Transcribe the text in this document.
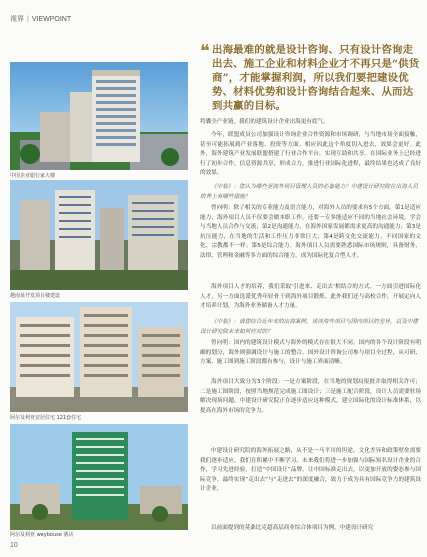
视界 | VIEWPOINT
中国企业银行家大楼
越南某开发项目楼建设
阿尔及利亚安居住宅 121套住宅
阿尔及利亚 weybouse 酒店
❝ 出海最难的就是设计咨询、只有设计咨询走出去、施工企业和材料企业才不再只是“供货商”，才能掌握利润，所以我们要把建设优势、材料优势和设计咨询结合起来、从而达到共赢的目标。
将囊全产业链。我们的建筑设计企业出海更有底气。
今年，联盟成员公司加强设计咨询企业合作资源和市场调研，与当地市场全面接触，甚至可能拓展到产业落地、投资等方面。相应因此这个角度切入进去，效果会更好。此外，海外建筑产业发展联盟搭建了行业合作平台，实现互助和共享。在国际业务上已经进行了初步合作，信息资源共享，形成合力，推进行业国际化进程，最终结果也达成了良好的效果。
《中装》：您认为哪些是海外项目管理人员的必备能力？中建设计研究院在出海人员培养上有哪些措施？
曾向明：除了相关的专业能力及语言能力，对海外人员的要求有5个方面。第1是适应能力，海外项目人员不仅要会做本职工作，还要一专多能适应不同的当地社会环境，学会与当地人员合作与交流；第2是沟通能力，在海外国家发展都需求更高的沟通能力；第3是抗压能力，在当地的生活和工作压力非常巨大；第4是跨文化交流能力，不同国家的文化、宗教都不一样；第5是综合能力。海外项目人员需要熟悉国际市场规则，具备财务、法律、管理和金融等多方面的综合能力，成为国际化复合型人才。
海外项目人才的培养，我们采取‘引进来、走出去’相结合的方式。一方面引进国际化人才，另一方面选派优秀年轻骨干到海外项目锻炼。此外我们还与高校合作，开展定向人才培养计划，为海外业务储备人才力量。
《中装》：请您结合近年来的出海案例，谈谈海外项目与国内项目的差异，以及中建设计研究院未来如何应对的？
曾向明：国内的建筑设计模式与海外的模式存在很大不同。国内的各个设计阶段有明确的划分，海外则强调设计与施工的整合。国外设计咨询公司参与项目全过程，从可研、方案、施工图到施工阶段都有参与，设计与施工界面清晰。
海外项目大致分为3个阶段：一是方案阶段，在当地的规划局报批并取得相关许可；二是施工图阶段，按照当地规范完成施工图设计；三是施工配合阶段，设计人员需要驻场解决现场问题。中建设计研究院正在逐步适应这种模式，建立国际化的设计标准体系，以提高在海外市场的竞争力。
中建设计研究院的海外拓展之路，从不是一马平川的坦途。文化差异和政策壁垒需要我们逐步适应，我们在积累中不断学习。未来我们将进一步加强与国际知名设计企业的合作，学习先进经验，打造“中国设计”品牌，让中国标准走出去，以更加开放的姿态参与国际竞争，最终实现“走出去”与“走进去”的深度融合，致力于成为具有国际竞争力的建筑设计企业。
以前面提到的莫桑比克超高层商业综合体项目为例，中建设计研究
10
